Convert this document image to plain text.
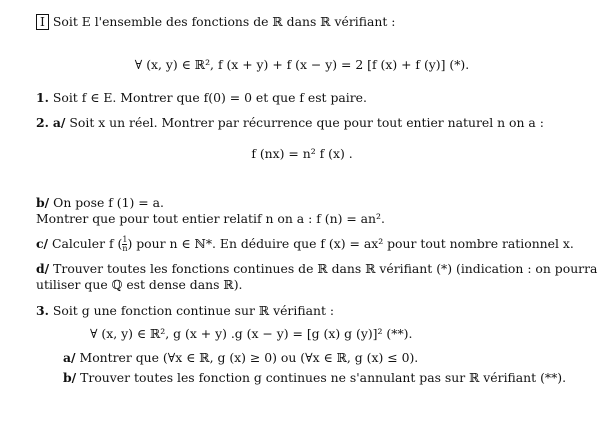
I Soit E l'ensemble des fonctions de ℝ dans ℝ vérifiant :
∀ (x, y) ∈ ℝ², f (x + y) + f (x − y) = 2 [f (x) + f (y)] (*).
1. Soit f ∈ E. Montrer que f(0) = 0 et que f est paire.
2. a/ Soit x un réel. Montrer par récurrence que pour tout entier naturel n on a :
f (nx) = n² f (x) .
b/ On pose f (1) = a.
Montrer que pour tout entier relatif n on a : f (n) = an².
c/ Calculer f ( $\frac{1}{n}$ ) pour n ∈ ℕ*. En déduire que f (x) = ax² pour tout nombre rationnel x.
d/ Trouver toutes les fonctions continues de ℝ dans ℝ vérifiant (*) (indication : on pourra
utiliser que ℚ est dense dans ℝ).
3. Soit g une fonction continue sur ℝ vérifiant :
∀ (x, y) ∈ ℝ², g (x + y) .g (x − y) = [g (x) g (y)]² (**).
a/ Montrer que (∀x ∈ ℝ, g (x) ≥ 0) ou (∀x ∈ ℝ, g (x) ≤ 0).
b/ Trouver toutes les fonction g continues ne s'annulant pas sur ℝ vérifiant (**).
